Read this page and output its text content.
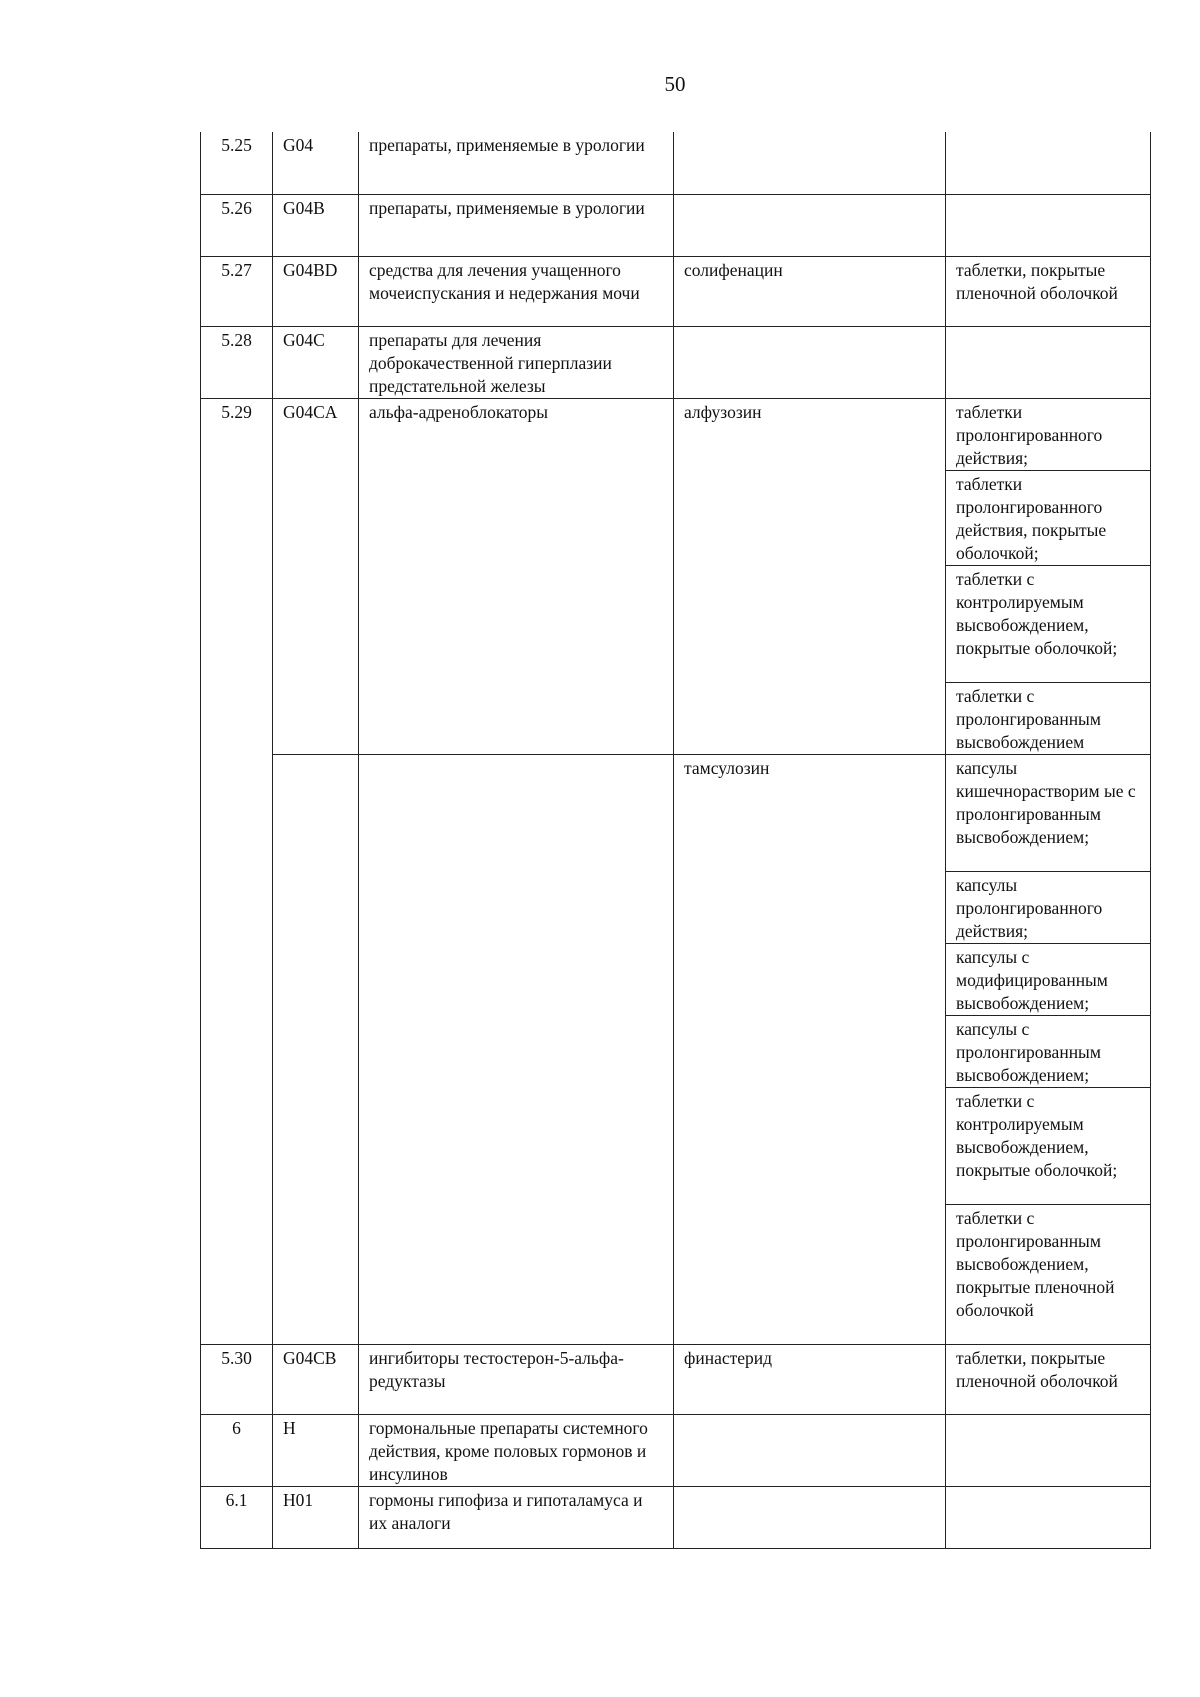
50
5.25	G04	препараты, применяемые в урологии		
5.26	G04B	препараты, применяемые в урологии		
5.27	G04BD	средства для лечения учащенного мочеиспускания и недержания мочи	солифенацин	таблетки, покрытые пленочной оболочкой
5.28	G04C	препараты для лечения доброкачественной гиперплазии предстательной железы		
5.29	G04CA	альфа-адреноблокаторы	алфузозин	таблетки пролонгированного действия;
				таблетки пролонгированного действия, покрытые оболочкой;
				таблетки с контролируемым высвобождением, покрытые оболочкой;
				таблетки с пролонгированным высвобождением
			тамсулозин	капсулы кишечнорастворим ые с пролонгированным высвобождением;
				капсулы пролонгированного действия;
				капсулы с модифицированным высвобождением;
				капсулы с пролонгированным высвобождением;
				таблетки с контролируемым высвобождением, покрытые оболочкой;
				таблетки с пролонгированным высвобождением, покрытые пленочной оболочкой
5.30	G04CB	ингибиторы тестостерон-5-альфа-редуктазы	финастерид	таблетки, покрытые пленочной оболочкой
6	H	гормональные препараты системного действия, кроме половых гормонов и инсулинов		
6.1	H01	гормоны гипофиза и гипоталамуса и их аналоги		
